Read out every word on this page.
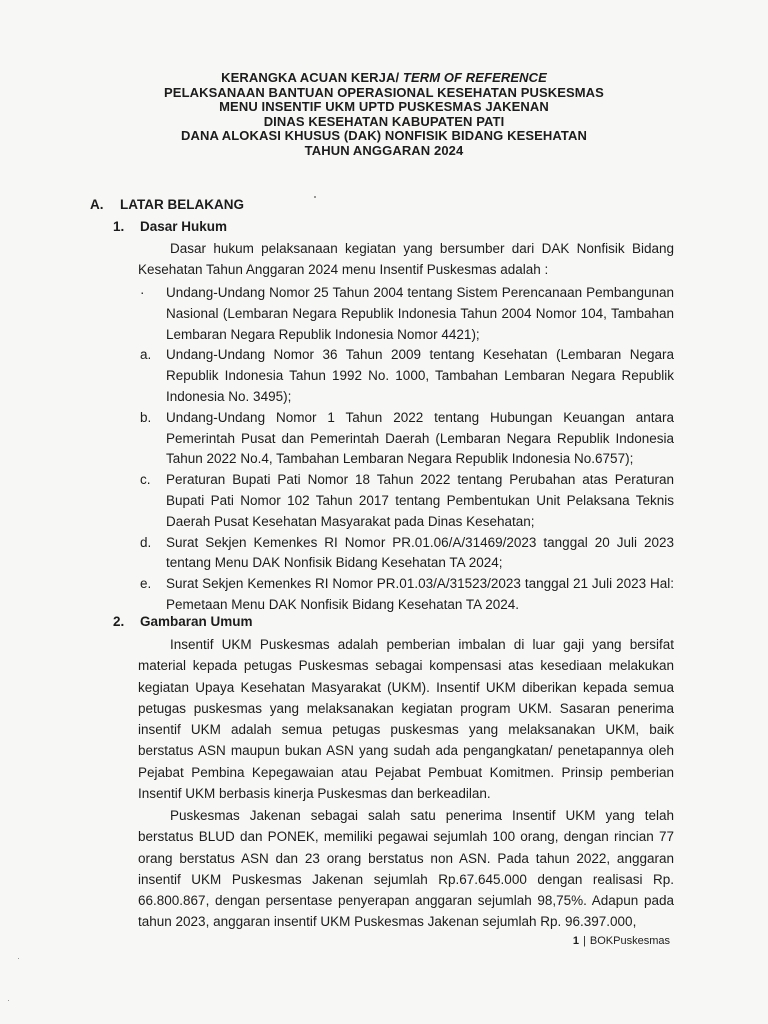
KERANGKA ACUAN KERJA/ TERM OF REFERENCE
PELAKSANAAN BANTUAN OPERASIONAL KESEHATAN PUSKESMAS
MENU INSENTIF UKM UPTD PUSKESMAS JAKENAN
DINAS KESEHATAN KABUPATEN PATI
DANA ALOKASI KHUSUS (DAK) NONFISIK BIDANG KESEHATAN
TAHUN ANGGARAN 2024
A. LATAR BELAKANG
1. Dasar Hukum
Dasar hukum pelaksanaan kegiatan yang bersumber dari DAK Nonfisik Bidang Kesehatan Tahun Anggaran 2024 menu Insentif Puskesmas adalah :
· Undang-Undang Nomor 25 Tahun 2004 tentang Sistem Perencanaan Pembangunan Nasional (Lembaran Negara Republik Indonesia Tahun 2004 Nomor 104, Tambahan Lembaran Negara Republik Indonesia Nomor 4421);
a. Undang-Undang Nomor 36 Tahun 2009 tentang Kesehatan (Lembaran Negara Republik Indonesia Tahun 1992 No. 1000, Tambahan Lembaran Negara Republik Indonesia No. 3495);
b. Undang-Undang Nomor 1 Tahun 2022 tentang Hubungan Keuangan antara Pemerintah Pusat dan Pemerintah Daerah (Lembaran Negara Republik Indonesia Tahun 2022 No.4, Tambahan Lembaran Negara Republik Indonesia No.6757);
c. Peraturan Bupati Pati Nomor 18 Tahun 2022 tentang Perubahan atas Peraturan Bupati Pati Nomor 102 Tahun 2017 tentang Pembentukan Unit Pelaksana Teknis Daerah Pusat Kesehatan Masyarakat pada Dinas Kesehatan;
d. Surat Sekjen Kemenkes RI Nomor PR.01.06/A/31469/2023 tanggal 20 Juli 2023 tentang Menu DAK Nonfisik Bidang Kesehatan TA 2024;
e. Surat Sekjen Kemenkes RI Nomor PR.01.03/A/31523/2023 tanggal 21 Juli 2023 Hal: Pemetaan Menu DAK Nonfisik Bidang Kesehatan TA 2024.
2. Gambaran Umum
Insentif UKM Puskesmas adalah pemberian imbalan di luar gaji yang bersifat material kepada petugas Puskesmas sebagai kompensasi atas kesediaan melakukan kegiatan Upaya Kesehatan Masyarakat (UKM). Insentif UKM diberikan kepada semua petugas puskesmas yang melaksanakan kegiatan program UKM. Sasaran penerima insentif UKM adalah semua petugas puskesmas yang melaksanakan UKM, baik berstatus ASN maupun bukan ASN yang sudah ada pengangkatan/ penetapannya oleh Pejabat Pembina Kepegawaian atau Pejabat Pembuat Komitmen. Prinsip pemberian Insentif UKM berbasis kinerja Puskesmas dan berkeadilan.
Puskesmas Jakenan sebagai salah satu penerima Insentif UKM yang telah berstatus BLUD dan PONEK, memiliki pegawai sejumlah 100 orang, dengan rincian 77 orang berstatus ASN dan 23 orang berstatus non ASN. Pada tahun 2022, anggaran insentif UKM Puskesmas Jakenan sejumlah Rp.67.645.000 dengan realisasi Rp. 66.800.867, dengan persentase penyerapan anggaran sejumlah 98,75%. Adapun pada tahun 2023, anggaran insentif UKM Puskesmas Jakenan sejumlah Rp. 96.397.000,
1 | BOKPuskesmas
